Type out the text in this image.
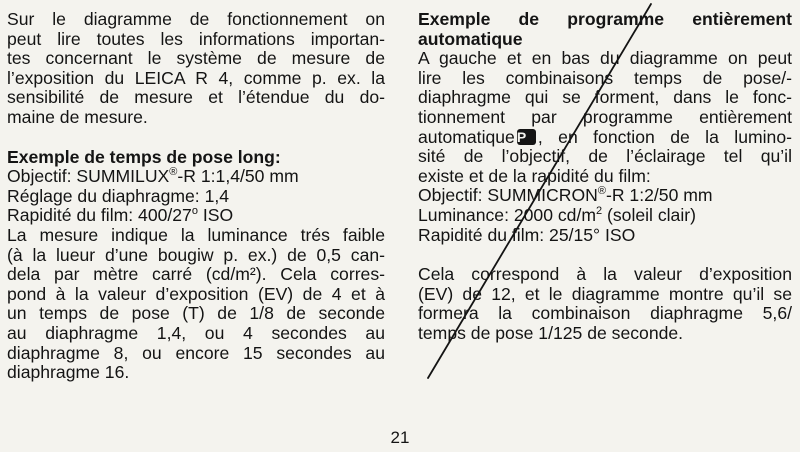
Sur le diagramme de fonctionnement on

peut lire toutes les informations importan-

tes concernant le système de mesure de

l’exposition du LEICA R 4, comme p. ex. la

sensibilité de mesure et l’étendue du do-

maine de mesure.

Exemple de temps de pose long:

Objectif: SUMMILUX®-R 1:1,4/50 mm

Réglage du diaphragme: 1,4

Rapidité du film: 400/27$^o$ ISO

La mesure indique la luminance trés faible

(à la lueur d’une bougiw p. ex.) de 0,5 can-

dela par mètre carré (cd/m²). Cela corres-

pond à la valeur d’exposition (EV) de 4 et à

un temps de pose (T) de 1/8 de seconde

au diaphragme 1,4, ou 4 secondes au

diaphragme 8, ou encore 15 secondes au

diaphragme 16.

Exemple de programme entièrement

automatique

A gauche et en bas du diagramme on peut

lire les combinaisons temps de pose/-

diaphragme qui se forment, dans le fonc-

tionnement par programme entièrement

automatique P , en fonction de la lumino-

sité de l’objectif, de l’éclairage tel qu’il

existe et de la rapidité du film:

Objectif: SUMMICRON®-R 1:2/50 mm

Luminance: 2000 $cd/m^2$ (soleil clair)

Rapidité du film: 25/15° ISO

Cela correspond à la valeur d’exposition

(EV) de 12, et le diagramme montre qu’il se

formera la combinaison diaphragme 5,6/

temps de pose 1/125 de seconde.

21
